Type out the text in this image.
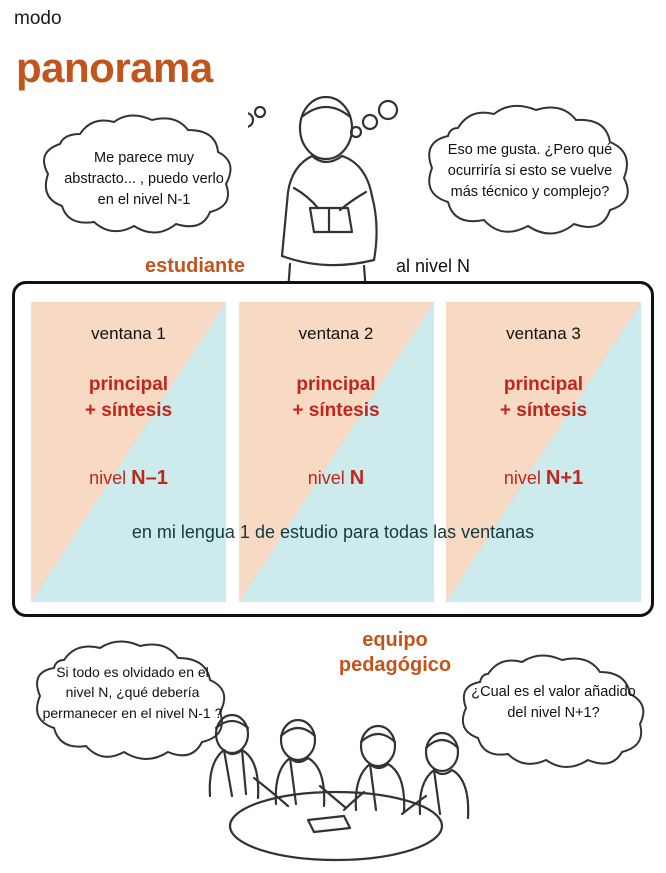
modo
panorama
Me parece muy abstracto... , puedo verlo en el nivel N-1
Eso me gusta. ¿Pero qué ocurriría si esto se vuelve más técnico y complejo?
estudiante	al nivel N
ventana 1
principal
+ síntesis
nivel N–1
ventana 2
principal
+ síntesis
nivel N
ventana 3
principal
+ síntesis
nivel N+1
en mi lengua 1 de estudio para todas las ventanas
equipo
pedagógico
Si todo es olvidado en el nivel N, ¿qué debería permanecer en el nivel N-1 ?
¿Cual es el valor añadido del nivel N+1?
